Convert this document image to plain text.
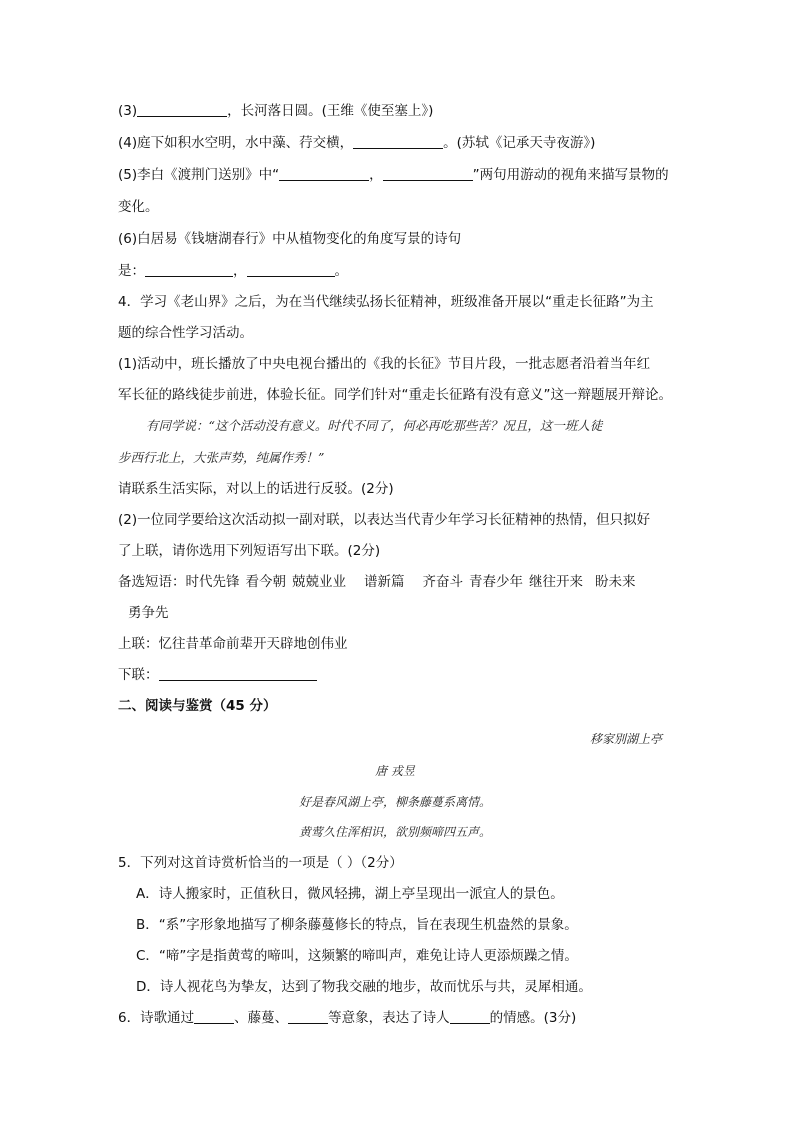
(3)	，长河落日圆。(王维《使至塞上》)
(4)庭下如积水空明，水中藻、荇交横，	。(苏轼《记承天寺夜游》)
(5)李白《渡荆门送别》中“	，	”两句用游动的视角来描写景物的
变化。
(6)白居易《钱塘湖春行》中从植物变化的角度写景的诗句
是：	，	。
4．学习《老山界》之后，为在当代继续弘扬长征精神，班级准备开展以“重走长征路”为主
题的综合性学习活动。
(1)活动中，班长播放了中央电视台播出的《我的长征》节目片段，一批志愿者沿着当年红
军长征的路线徒步前进，体验长征。同学们针对“重走长征路有没有意义”这一辩题展开辩论。
有同学说：“这个活动没有意义。时代不同了，何必再吃那些苦？况且，这一班人徒
步西行北上，大张声势，纯属作秀！”
请联系生活实际，对以上的话进行反驳。(2分)
(2)一位同学要给这次活动拟一副对联，以表达当代青少年学习长征精神的热情，但只拟好
了上联，请你选用下列短语写出下联。(2分)
备选短语：时代先锋 看今朝 兢兢业业 谱新篇 齐奋斗 青春少年 继往开来 盼未来
勇争先
上联：忆往昔革命前辈开天辟地创伟业
下联：
二、阅读与鉴赏（45 分）
移家别湖上亭
唐 戎昱
好是春风湖上亭，柳条藤蔓系离情。
黄莺久住浑相识，欲别频啼四五声。
5．下列对这首诗赏析恰当的一项是（ ）（2分）
A．诗人搬家时，正值秋日，微风轻拂，湖上亭呈现出一派宜人的景色。
B．“系”字形象地描写了柳条藤蔓修长的特点，旨在表现生机盎然的景象。
C．“啼”字是指黄莺的啼叫，这频繁的啼叫声，难免让诗人更添烦躁之情。
D．诗人视花鸟为挚友，达到了物我交融的地步，故而忧乐与共，灵犀相通。
6．诗歌通过	、藤蔓、	等意象，表达了诗人	的情感。(3分)
